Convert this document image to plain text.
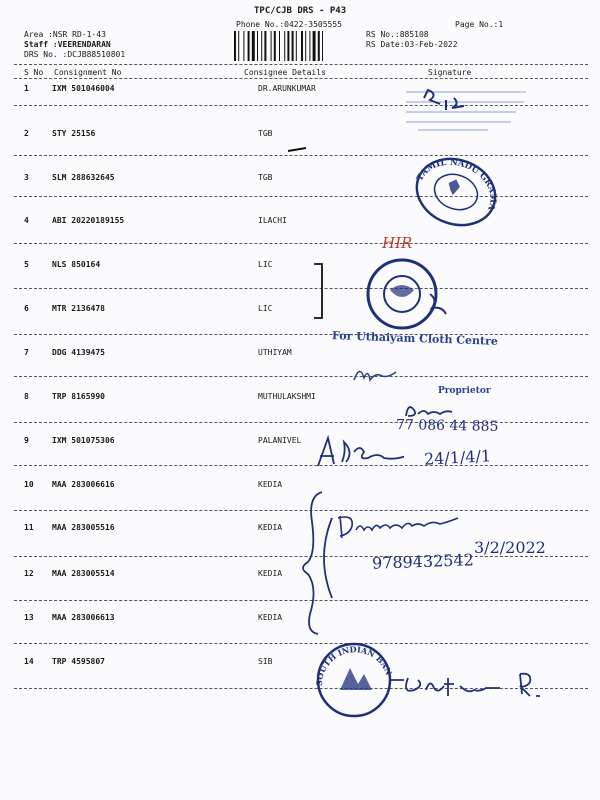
TPC/CJB DRS - P43
Phone No.:0422-3505555	Page No.:1
Area :NSR RD-1-43
Staff :VEERENDARAN
DRS No. :DCJB88510801
RS No.:885108
RS Date:03-Feb-2022
S No Consignment No	Consignee Details	Signature
1	IXM 501046004	DR.ARUNKUMAR
2	STY 25156	TGB
3	SLM 288632645	TGB
4	ABI 20220189155	ILACHI
5	NLS 850164	LIC
6	MTR 2136478	LIC
7	DDG 4139475	UTHIYAM
8	TRP 8165990	MUTHULAKSHMI
9	IXM 501075306	PALANIVEL
10 MAA 283006616	KEDIA
11 MAA 283005516	KEDIA
12 MAA 283005514	KEDIA
13 MAA 283006613	KEDIA
14 TRP 4595807	SIB
TAMIL NADU GRAMA
HIR
For Uthaiyam Cloth Centre
Proprietor
77 086 44 885
24/1/4/1
3/2/2022
9789432542
SOUTH INDIAN BAN
